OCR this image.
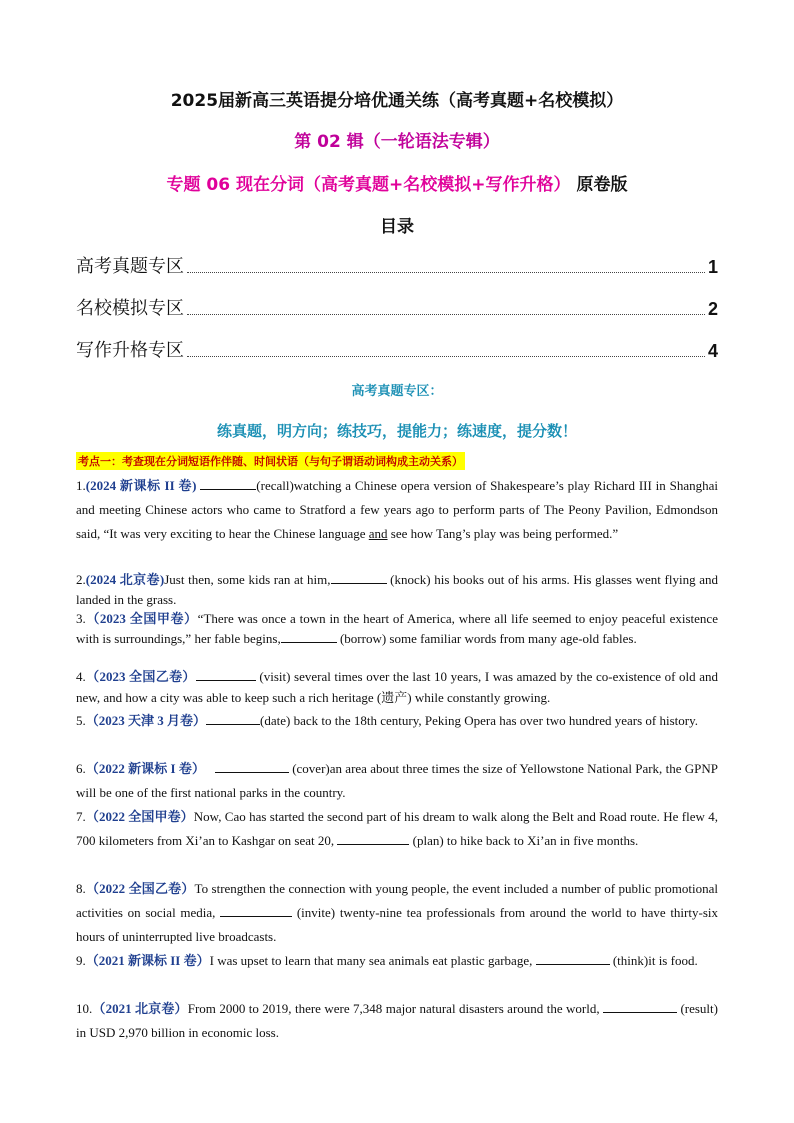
2025届新高三英语提分培优通关练（高考真题+名校模拟）
第 02 辑（一轮语法专辑）
专题 06 现在分词（高考真题+名校模拟+写作升格） 原卷版
目录
高考真题专区	1
名校模拟专区	2
写作升格专区	4
高考真题专区：
练真题，明方向；练技巧，提能力；练速度，提分数！
考点一：考查现在分词短语作伴随、时间状语（与句子谓语动词构成主动关系）
1.(2024 新课标 II 卷)	(recall)watching a Chinese opera version of Shakespeare’s play Richard III in Shanghai and meeting Chinese actors who came to Stratford a few years ago to perform parts of The Peony Pavilion, Edmondson said, “It was very exciting to hear the Chinese language and see how Tang’s play was being performed.”
2.(2024 北京卷)Just then, some kids ran at him,	(knock) his books out of his arms. His glasses went flying and landed in the grass.
3.（2023 全国甲卷）“There was once a town in the heart of America, where all life seemed to enjoy peaceful existence with is surroundings,” her fable begins,	(borrow) some familiar words from many age-old fables.
4.（2023 全国乙卷）	(visit) several times over the last 10 years, I was amazed by the co-existence of old and new, and how a city was able to keep such a rich heritage (遗产) while constantly growing.
5.（2023 天津 3 月卷）	(date) back to the 18th century, Peking Opera has over two hundred years of history.
6.（2022 新课标 I 卷）	(cover)an area about three times the size of Yellowstone National Park, the GPNP will be one of the first national parks in the country.
7.（2022 全国甲卷）Now, Cao has started the second part of his dream to walk along the Belt and Road route. He flew 4, 700 kilometers from Xi’an to Kashgar on seat 20,	(plan) to hike back to Xi’an in five months.
8.（2022 全国乙卷）To strengthen the connection with young people, the event included a number of public promotional activities on social media,	(invite) twenty-nine tea professionals from around the world to have thirty-six hours of uninterrupted live broadcasts.
9.（2021 新课标 II 卷）I was upset to learn that many sea animals eat plastic garbage,	(think)it is food.
10.（2021 北京卷）From 2000 to 2019, there were 7,348 major natural disasters around the world,	(result) in USD 2,970 billion in economic loss.
